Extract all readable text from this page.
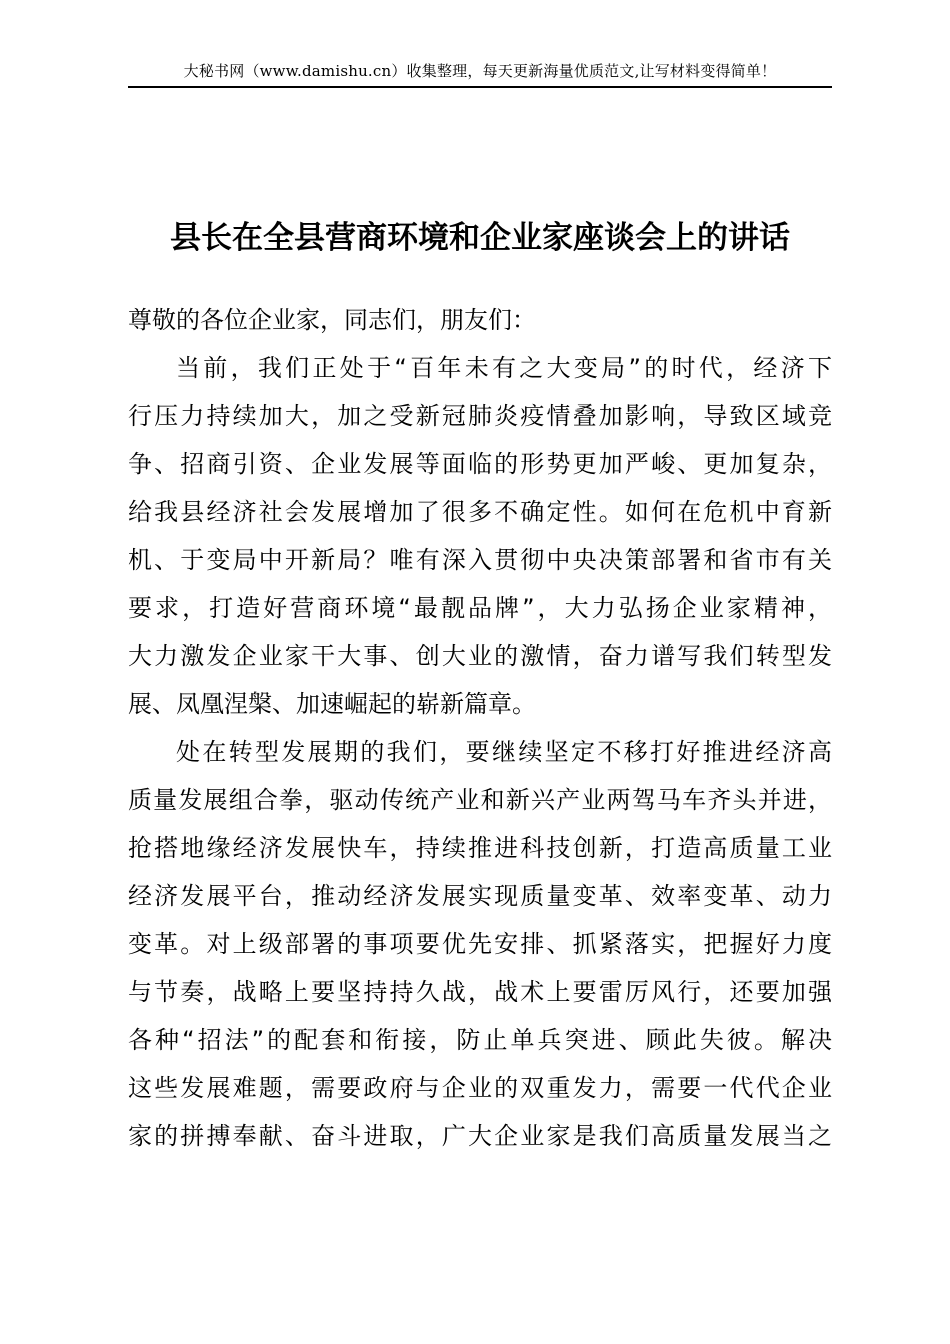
大秘书网（www.damishu.cn）收集整理，每天更新海量优质范文,让写材料变得简单！
县长在全县营商环境和企业家座谈会上的讲话
尊敬的各位企业家，同志们，朋友们：
当前，我们正处于“百年未有之大变局”的时代，经济下
行压力持续加大，加之受新冠肺炎疫情叠加影响，导致区域竞
争、招商引资、企业发展等面临的形势更加严峻、更加复杂，
给我县经济社会发展增加了很多不确定性。如何在危机中育新
机、于变局中开新局？唯有深入贯彻中央决策部署和省市有关
要求，打造好营商环境“最靓品牌”，大力弘扬企业家精神，
大力激发企业家干大事、创大业的激情，奋力谱写我们转型发
展、凤凰涅槃、加速崛起的崭新篇章。
处在转型发展期的我们，要继续坚定不移打好推进经济高
质量发展组合拳，驱动传统产业和新兴产业两驾马车齐头并进，
抢搭地缘经济发展快车，持续推进科技创新，打造高质量工业
经济发展平台，推动经济发展实现质量变革、效率变革、动力
变革。对上级部署的事项要优先安排、抓紧落实，把握好力度
与节奏，战略上要坚持持久战，战术上要雷厉风行，还要加强
各种“招法”的配套和衔接，防止单兵突进、顾此失彼。解决
这些发展难题，需要政府与企业的双重发力，需要一代代企业
家的拼搏奉献、奋斗进取，广大企业家是我们高质量发展当之
